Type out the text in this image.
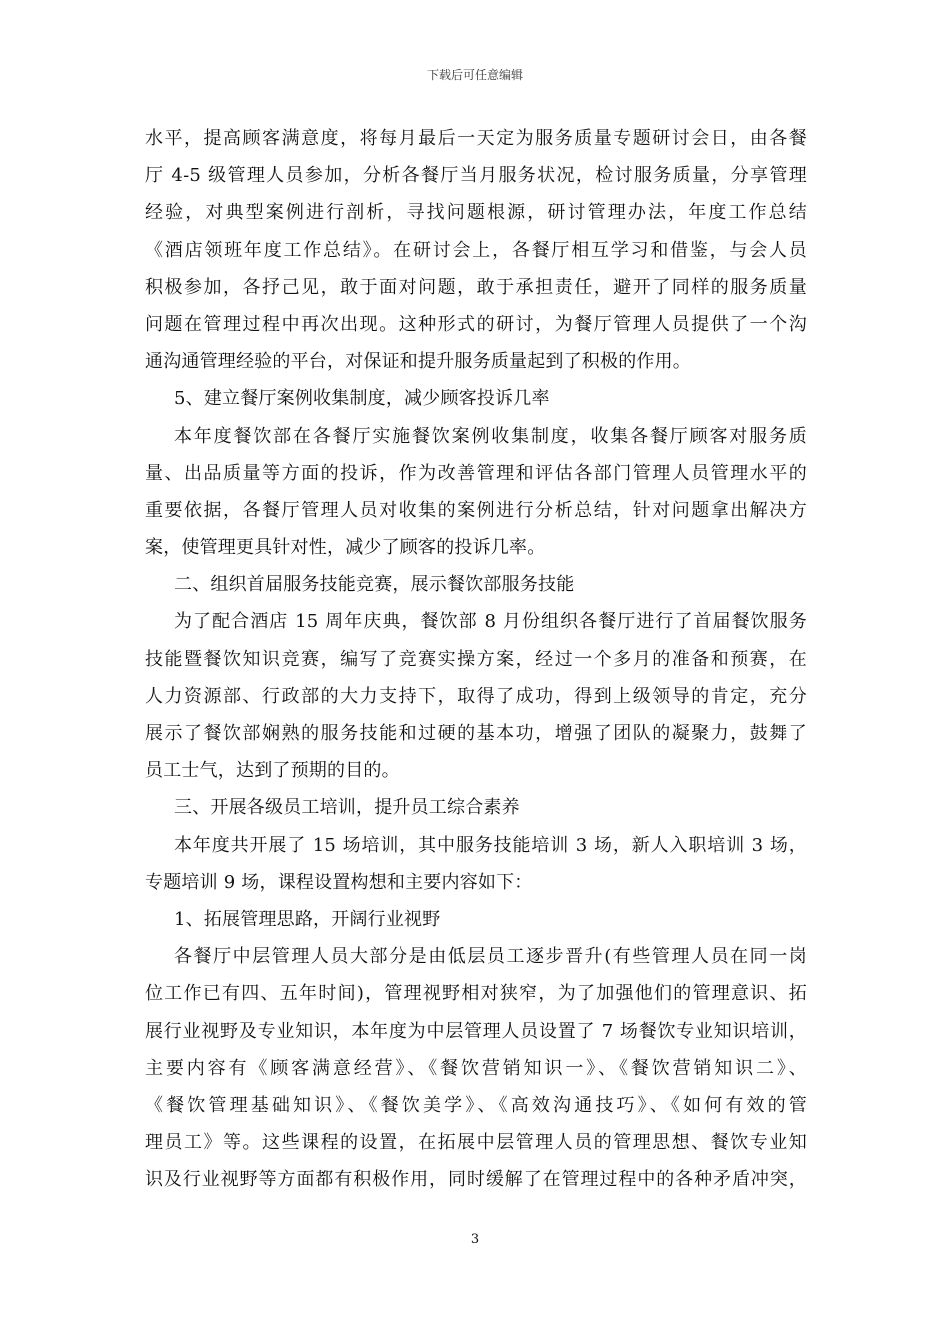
下载后可任意编辑
水平，提高顾客满意度，将每月最后一天定为服务质量专题研讨会日，由各餐
厅 4-5 级管理人员参加，分析各餐厅当月服务状况，检讨服务质量，分享管理
经验，对典型案例进行剖析，寻找问题根源，研讨管理办法，年度工作总结
《酒店领班年度工作总结》。在研讨会上，各餐厅相互学习和借鉴，与会人员
积极参加，各抒己见，敢于面对问题，敢于承担责任，避开了同样的服务质量
问题在管理过程中再次出现。这种形式的研讨，为餐厅管理人员提供了一个沟
通沟通管理经验的平台，对保证和提升服务质量起到了积极的作用。
5、建立餐厅案例收集制度，减少顾客投诉几率
本年度餐饮部在各餐厅实施餐饮案例收集制度，收集各餐厅顾客对服务质
量、出品质量等方面的投诉，作为改善管理和评估各部门管理人员管理水平的
重要依据，各餐厅管理人员对收集的案例进行分析总结，针对问题拿出解决方
案，使管理更具针对性，减少了顾客的投诉几率。
二、组织首届服务技能竞赛，展示餐饮部服务技能
为了配合酒店 15 周年庆典，餐饮部 8 月份组织各餐厅进行了首届餐饮服务
技能暨餐饮知识竞赛，编写了竞赛实操方案，经过一个多月的准备和预赛，在
人力资源部、行政部的大力支持下，取得了成功，得到上级领导的肯定，充分
展示了餐饮部娴熟的服务技能和过硬的基本功，增强了团队的凝聚力，鼓舞了
员工士气，达到了预期的目的。
三、开展各级员工培训，提升员工综合素养
本年度共开展了 15 场培训，其中服务技能培训 3 场，新人入职培训 3 场，
专题培训 9 场，课程设置构想和主要内容如下：
1、拓展管理思路，开阔行业视野
各餐厅中层管理人员大部分是由低层员工逐步晋升(有些管理人员在同一岗
位工作已有四、五年时间)，管理视野相对狭窄，为了加强他们的管理意识、拓
展行业视野及专业知识，本年度为中层管理人员设置了 7 场餐饮专业知识培训，
主要内容有《顾客满意经营》、《餐饮营销知识一》、《餐饮营销知识二》、
《餐饮管理基础知识》、《餐饮美学》、《高效沟通技巧》、《如何有效的管
理员工》等。这些课程的设置，在拓展中层管理人员的管理思想、餐饮专业知
识及行业视野等方面都有积极作用，同时缓解了在管理过程中的各种矛盾冲突，
3
